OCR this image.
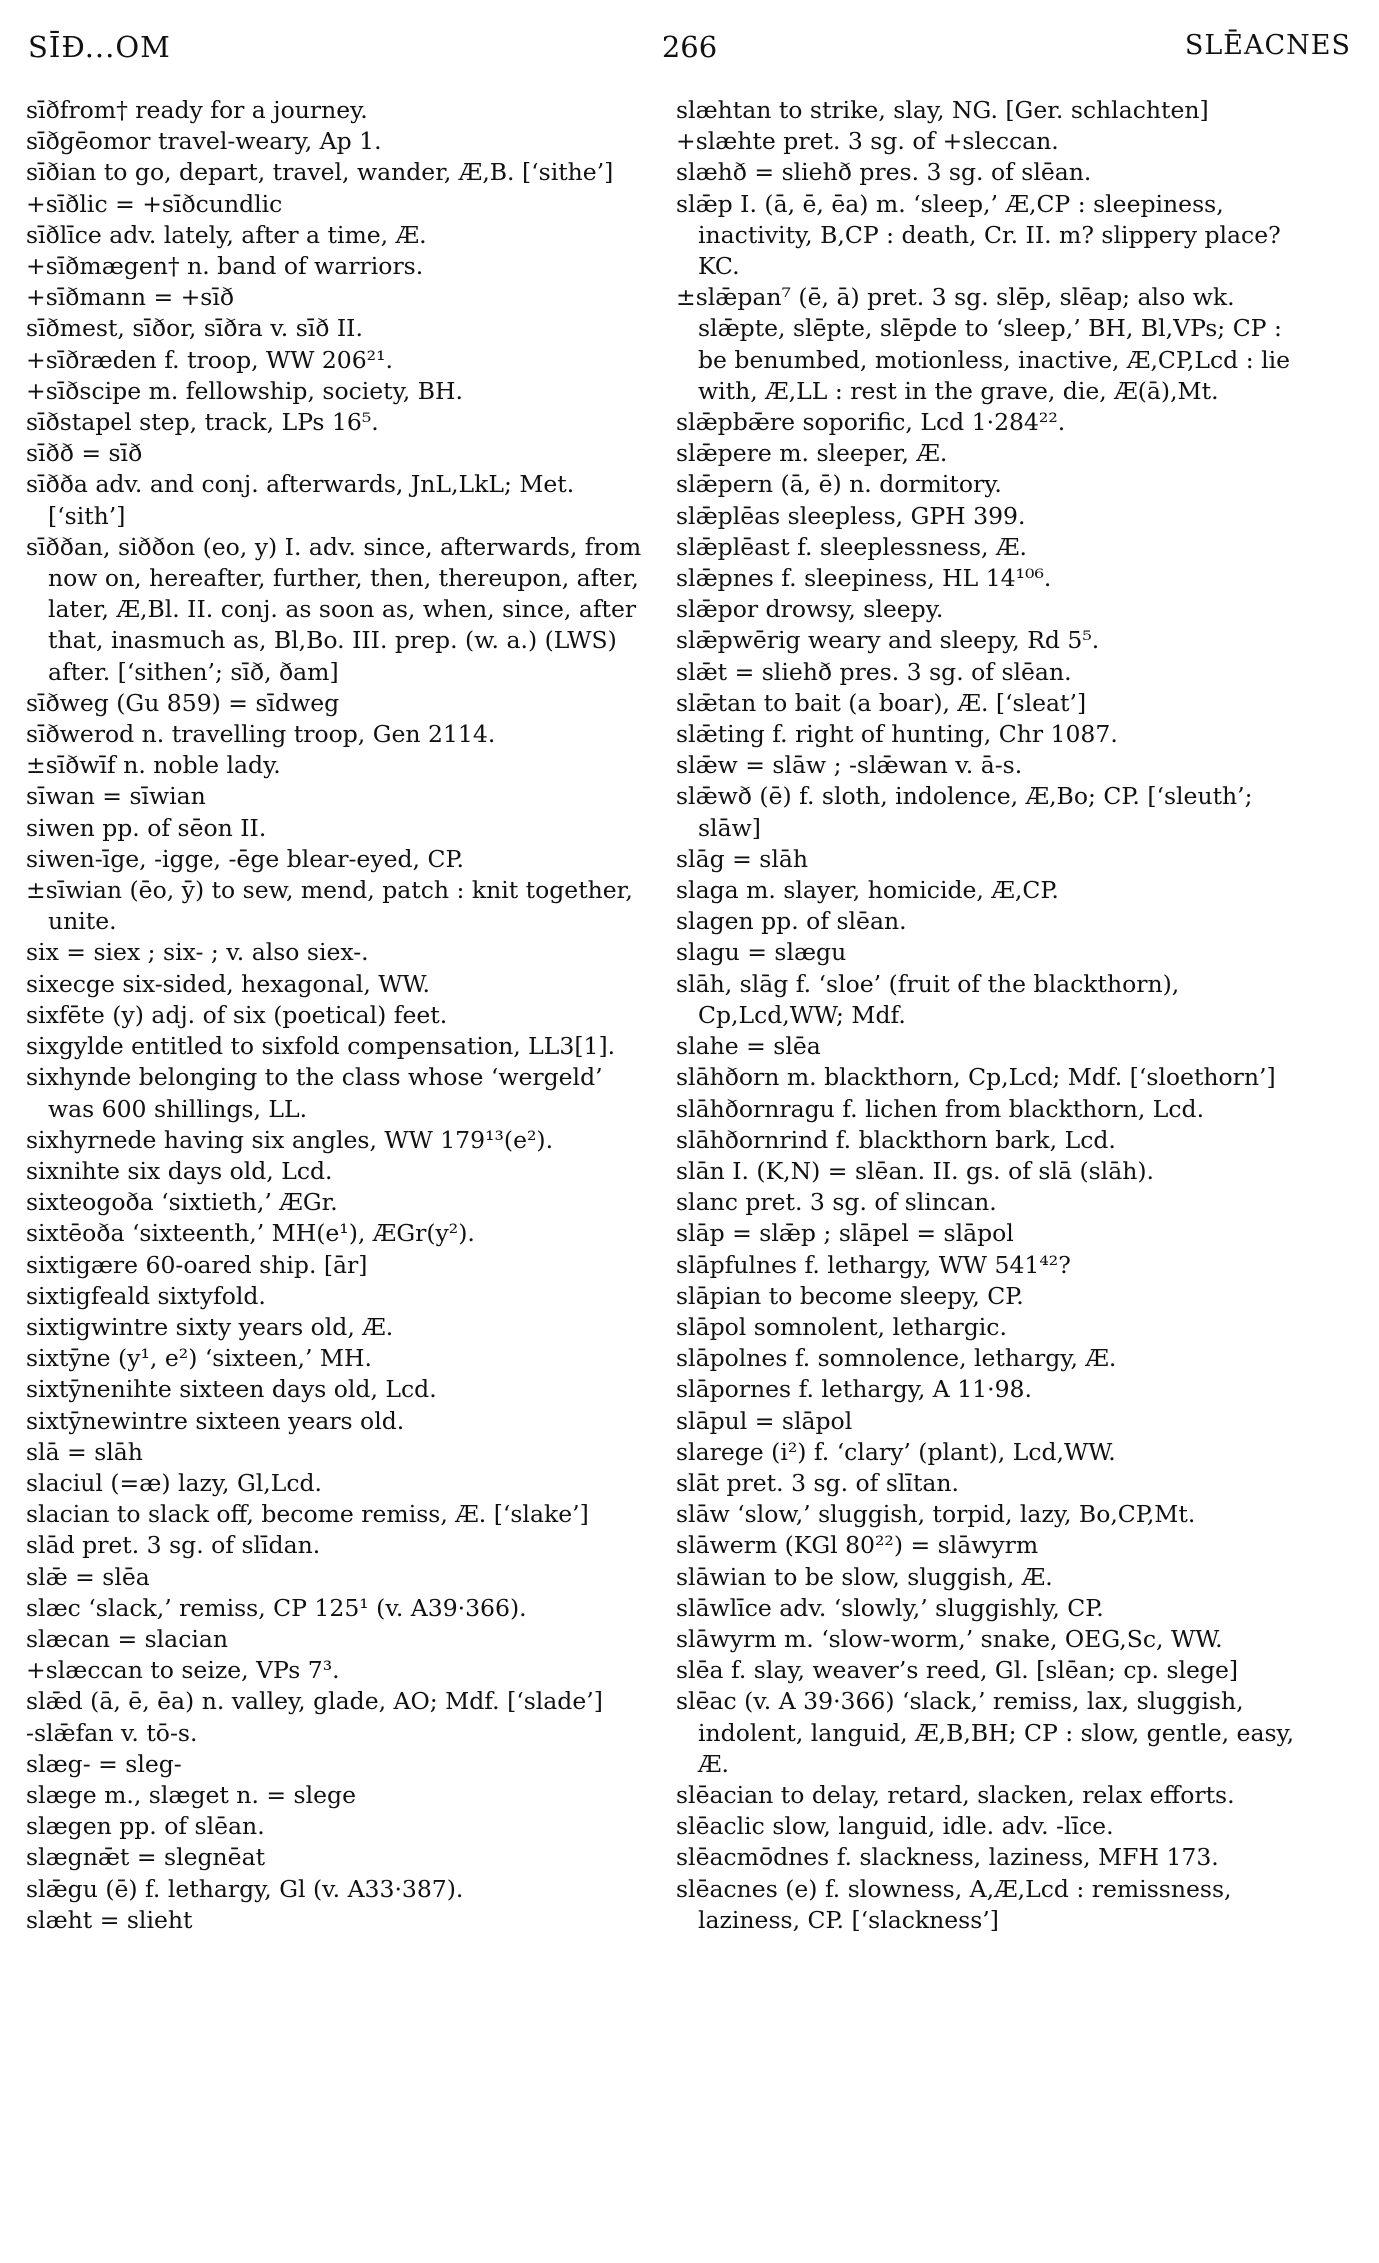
SĪÐ...OM	266	SLĒACNES

sīðfrom† ready for a journey.

sīðgēomor travel-weary, Ap 1.

sīðian to go, depart, travel, wander, Æ,B. [‘sithe’]

+sīðlic = +sīðcundlic

sīðlīce adv. lately, after a time, Æ.

+sīðmægen† n. band of warriors.

+sīðmann = +sīð

sīðmest, sīðor, sīðra v. sīð II.

+sīðræden f. troop, WW 206²¹.

+sīðscipe m. fellowship, society, BH.

sīðstapel step, track, LPs 16⁵.

sīðð = sīð

sīððа adv. and conj. afterwards, JnL,LkL; Met. [‘sith’]

sīððan, siððon (eo, y) I. adv. since, afterwards, from now on, hereafter, further, then, thereupon, after, later, Æ,Bl. II. conj. as soon as, when, since, after that, inasmuch as, Bl,Bo. III. prep. (w. a.) (LWS) after. [‘sithen’; sīð, ðam]

sīðweg (Gu 859) = sīdweg

sīðwerod n. travelling troop, Gen 2114.

±sīðwīf n. noble lady.

sīwan = sīwian

siwen pp. of sēon II.

siwen-īge, -igge, -ēge blear-eyed, CP.

±sīwian (ēo, ȳ) to sew, mend, patch : knit together, unite.

six = siex ; six- ; v. also siex-.

sixecge six-sided, hexagonal, WW.

sixfēte (y) adj. of six (poetical) feet.

sixgylde entitled to sixfold compensation, LL3[1].

sixhynde belonging to the class whose ‘wergeld’ was 600 shillings, LL.

sixhyrnede having six angles, WW 179¹³(e²).

sixnihte six days old, Lcd.

sixteogoða ‘sixtieth,’ ÆGr.

sixtēoða ‘sixteenth,’ MH(e¹), ÆGr(y²).

sixtigære 60-oared ship. [ār]

sixtigfeald sixtyfold.

sixtigwintre sixty years old, Æ.

sixtȳne (y¹, e²) ‘sixteen,’ MH.

sixtȳnenihte sixteen days old, Lcd.

sixtȳnewintre sixteen years old.

slā = slāh

slaciul (=æ) lazy, Gl,Lcd.

slacian to slack off, become remiss, Æ. [‘slake’]

slād pret. 3 sg. of slīdan.

slǣ = slēa

slæc ‘slack,’ remiss, CP 125¹ (v. A39·366).

slæcan = slacian

+slæccan to seize, VPs 7³.

slǣd (ā, ē, ēa) n. valley, glade, AO; Mdf. [‘slade’]

-slǣfan v. tō-s.

slæg- = sleg-

slæge m., slæget n. = slege

slægen pp. of slēan.

slægnǣt = slegnēat

slǣgu (ē) f. lethargy, Gl (v. A33·387).

slæht = slieht

slæhtan to strike, slay, NG. [Ger. schlachten]

+slæhte pret. 3 sg. of +sleccan.

slæhð = sliehð pres. 3 sg. of slēan.

slǣp I. (ā, ē, ēa) m. ‘sleep,’ Æ,CP : sleepiness, inactivity, B,CP : death, Cr. II. m? slippery place? KC.

±slǣpan⁷ (ē, ā) pret. 3 sg. slēp, slēap; also wk. slǣpte, slēpte, slēpde to ‘sleep,’ BH, Bl,VPs; CP : be benumbed, motionless, inactive, Æ,CP,Lcd : lie with, Æ,LL : rest in the grave, die, Æ(ā),Mt.

slǣpbǣre soporific, Lcd 1·284²².

slǣpere m. sleeper, Æ.

slǣpern (ā, ē) n. dormitory.

slǣplēas sleepless, GPH 399.

slǣplēast f. sleeplessness, Æ.

slǣpnes f. sleepiness, HL 14¹⁰⁶.

slǣpor drowsy, sleepy.

slǣpwērig weary and sleepy, Rd 5⁵.

slǣt = sliehð pres. 3 sg. of slēan.

slǣtan to bait (a boar), Æ. [‘sleat’]

slǣting f. right of hunting, Chr 1087.

slǣw = slāw ; -slǣwan v. ā-s.

slǣwð (ē) f. sloth, indolence, Æ,Bo; CP. [‘sleuth’; slāw]

slāg = slāh

slaga m. slayer, homicide, Æ,CP.

slagen pp. of slēan.

slagu = slægu

slāh, slāg f. ‘sloe’ (fruit of the blackthorn), Cp,Lcd,WW; Mdf.

slahe = slēa

slāhðorn m. blackthorn, Cp,Lcd; Mdf. [‘sloethorn’]

slāhðornragu f. lichen from blackthorn, Lcd.

slāhðornrind f. blackthorn bark, Lcd.

slān I. (K,N) = slēan. II. gs. of slā (slāh).

slanc pret. 3 sg. of slincan.

slāp = slǣp ; slāpel = slāpol

slāpfulnes f. lethargy, WW 541⁴²?

slāpian to become sleepy, CP.

slāpol somnolent, lethargic.

slāpolnes f. somnolence, lethargy, Æ.

slāpornes f. lethargy, A 11·98.

slāpul = slāpol

slarege (i²) f. ‘clary’ (plant), Lcd,WW.

slāt pret. 3 sg. of slītan.

slāw ‘slow,’ sluggish, torpid, lazy, Bo,CP,Mt.

slāwerm (KGl 80²²) = slāwyrm

slāwian to be slow, sluggish, Æ.

slāwlīce adv. ‘slowly,’ sluggishly, CP.

slāwyrm m. ‘slow-worm,’ snake, OEG,Sc, WW.

slēa f. slay, weaver’s reed, Gl. [slēan; cp. slege]

slēac (v. A 39·366) ‘slack,’ remiss, lax, sluggish, indolent, languid, Æ,B,BH; CP : slow, gentle, easy, Æ.

slēacian to delay, retard, slacken, relax efforts.

slēaclic slow, languid, idle. adv. -līce.

slēacmōdnes f. slackness, laziness, MFH 173.

slēacnes (e) f. slowness, A,Æ,Lcd : remissness, laziness, CP. [‘slackness’]
